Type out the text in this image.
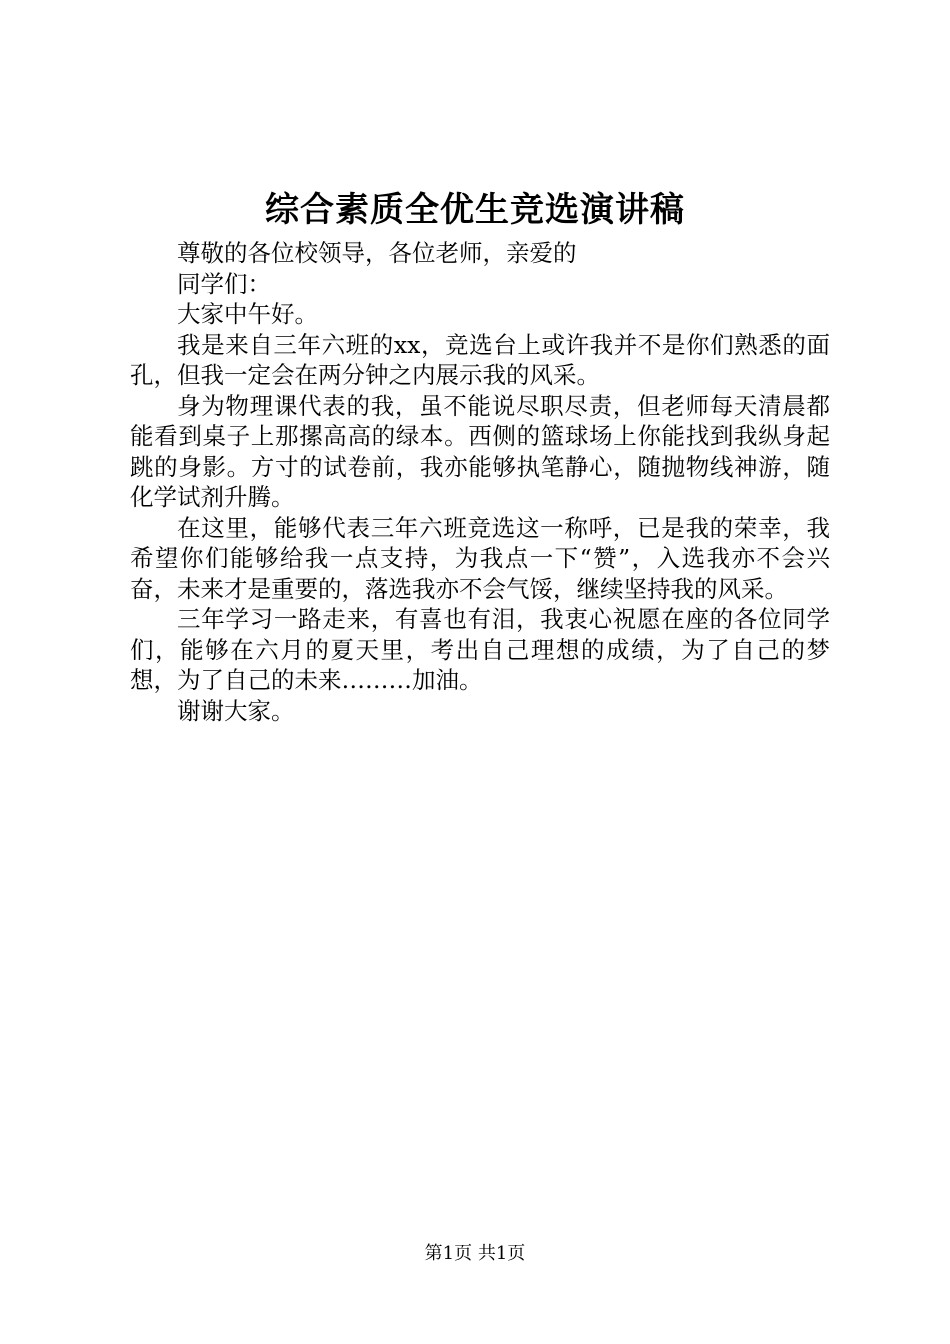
综合素质全优生竞选演讲稿

尊敬的各位校领导，各位老师，亲爱的

同学们：

大家中午好。

我是来自三年六班的xx，竞选台上或许我并不是你们熟悉的面孔，但我一定会在两分钟之内展示我的风采。

身为物理课代表的我，虽不能说尽职尽责，但老师每天清晨都能看到桌子上那摞高高的绿本。西侧的篮球场上你能找到我纵身起跳的身影。方寸的试卷前，我亦能够执笔静心，随抛物线神游，随化学试剂升腾。

在这里，能够代表三年六班竞选这一称呼，已是我的荣幸，我希望你们能够给我一点支持，为我点一下“赞”，入选我亦不会兴奋，未来才是重要的，落选我亦不会气馁，继续坚持我的风采。

三年学习一路走来，有喜也有泪，我衷心祝愿在座的各位同学们，能够在六月的夏天里，考出自己理想的成绩，为了自己的梦想，为了自己的未来………加油。

谢谢大家。

第1页 共1页
